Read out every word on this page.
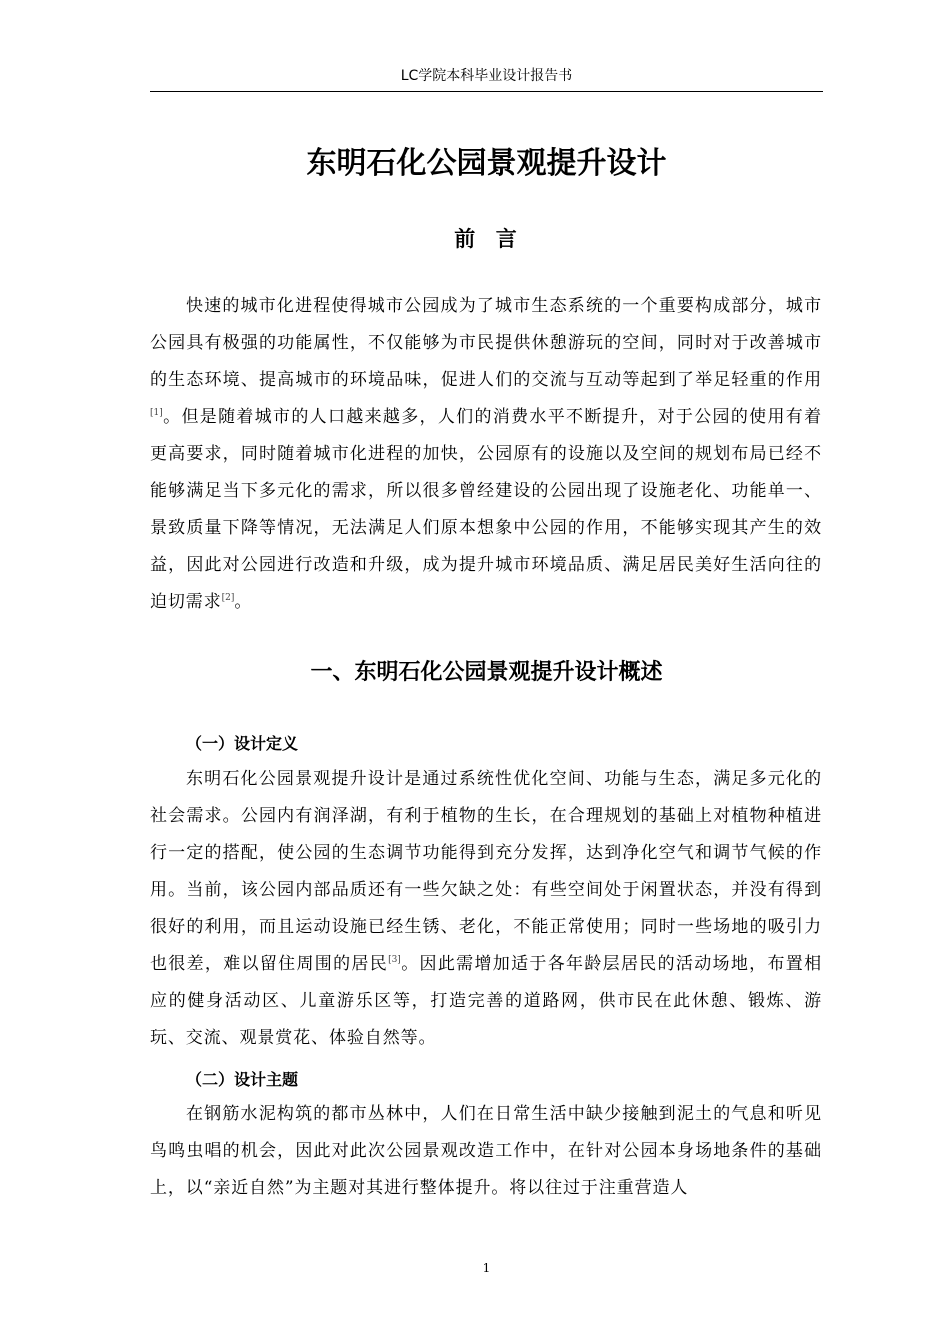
LC学院本科毕业设计报告书
东明石化公园景观提升设计
前  言

快速的城市化进程使得城市公园成为了城市生态系统的一个重要构成部分，城市公园具有极强的功能属性，不仅能够为市民提供休憩游玩的空间，同时对于改善城市的生态环境、提高城市的环境品味，促进人们的交流与互动等起到了举足轻重的作用[1]。但是随着城市的人口越来越多，人们的消费水平不断提升，对于公园的使用有着更高要求，同时随着城市化进程的加快，公园原有的设施以及空间的规划布局已经不能够满足当下多元化的需求，所以很多曾经建设的公园出现了设施老化、功能单一、景致质量下降等情况，无法满足人们原本想象中公园的作用，不能够实现其产生的效益，因此对公园进行改造和升级，成为提升城市环境品质、满足居民美好生活向往的迫切需求[2]。

一、东明石化公园景观提升设计概述
（一）设计定义

东明石化公园景观提升设计是通过系统性优化空间、功能与生态，满足多元化的社会需求。公园内有润泽湖，有利于植物的生长，在合理规划的基础上对植物种植进行一定的搭配，使公园的生态调节功能得到充分发挥，达到净化空气和调节气候的作用。当前，该公园内部品质还有一些欠缺之处：有些空间处于闲置状态，并没有得到很好的利用，而且运动设施已经生锈、老化，不能正常使用；同时一些场地的吸引力也很差，难以留住周围的居民[3]。因此需增加适于各年龄层居民的活动场地，布置相应的健身活动区、儿童游乐区等，打造完善的道路网，供市民在此休憩、锻炼、游玩、交流、观景赏花、体验自然等。

（二）设计主题

在钢筋水泥构筑的都市丛林中，人们在日常生活中缺少接触到泥土的气息和听见鸟鸣虫唱的机会，因此对此次公园景观改造工作中，在针对公园本身场地条件的基础上，以“亲近自然”为主题对其进行整体提升。将以往过于注重营造人

1
